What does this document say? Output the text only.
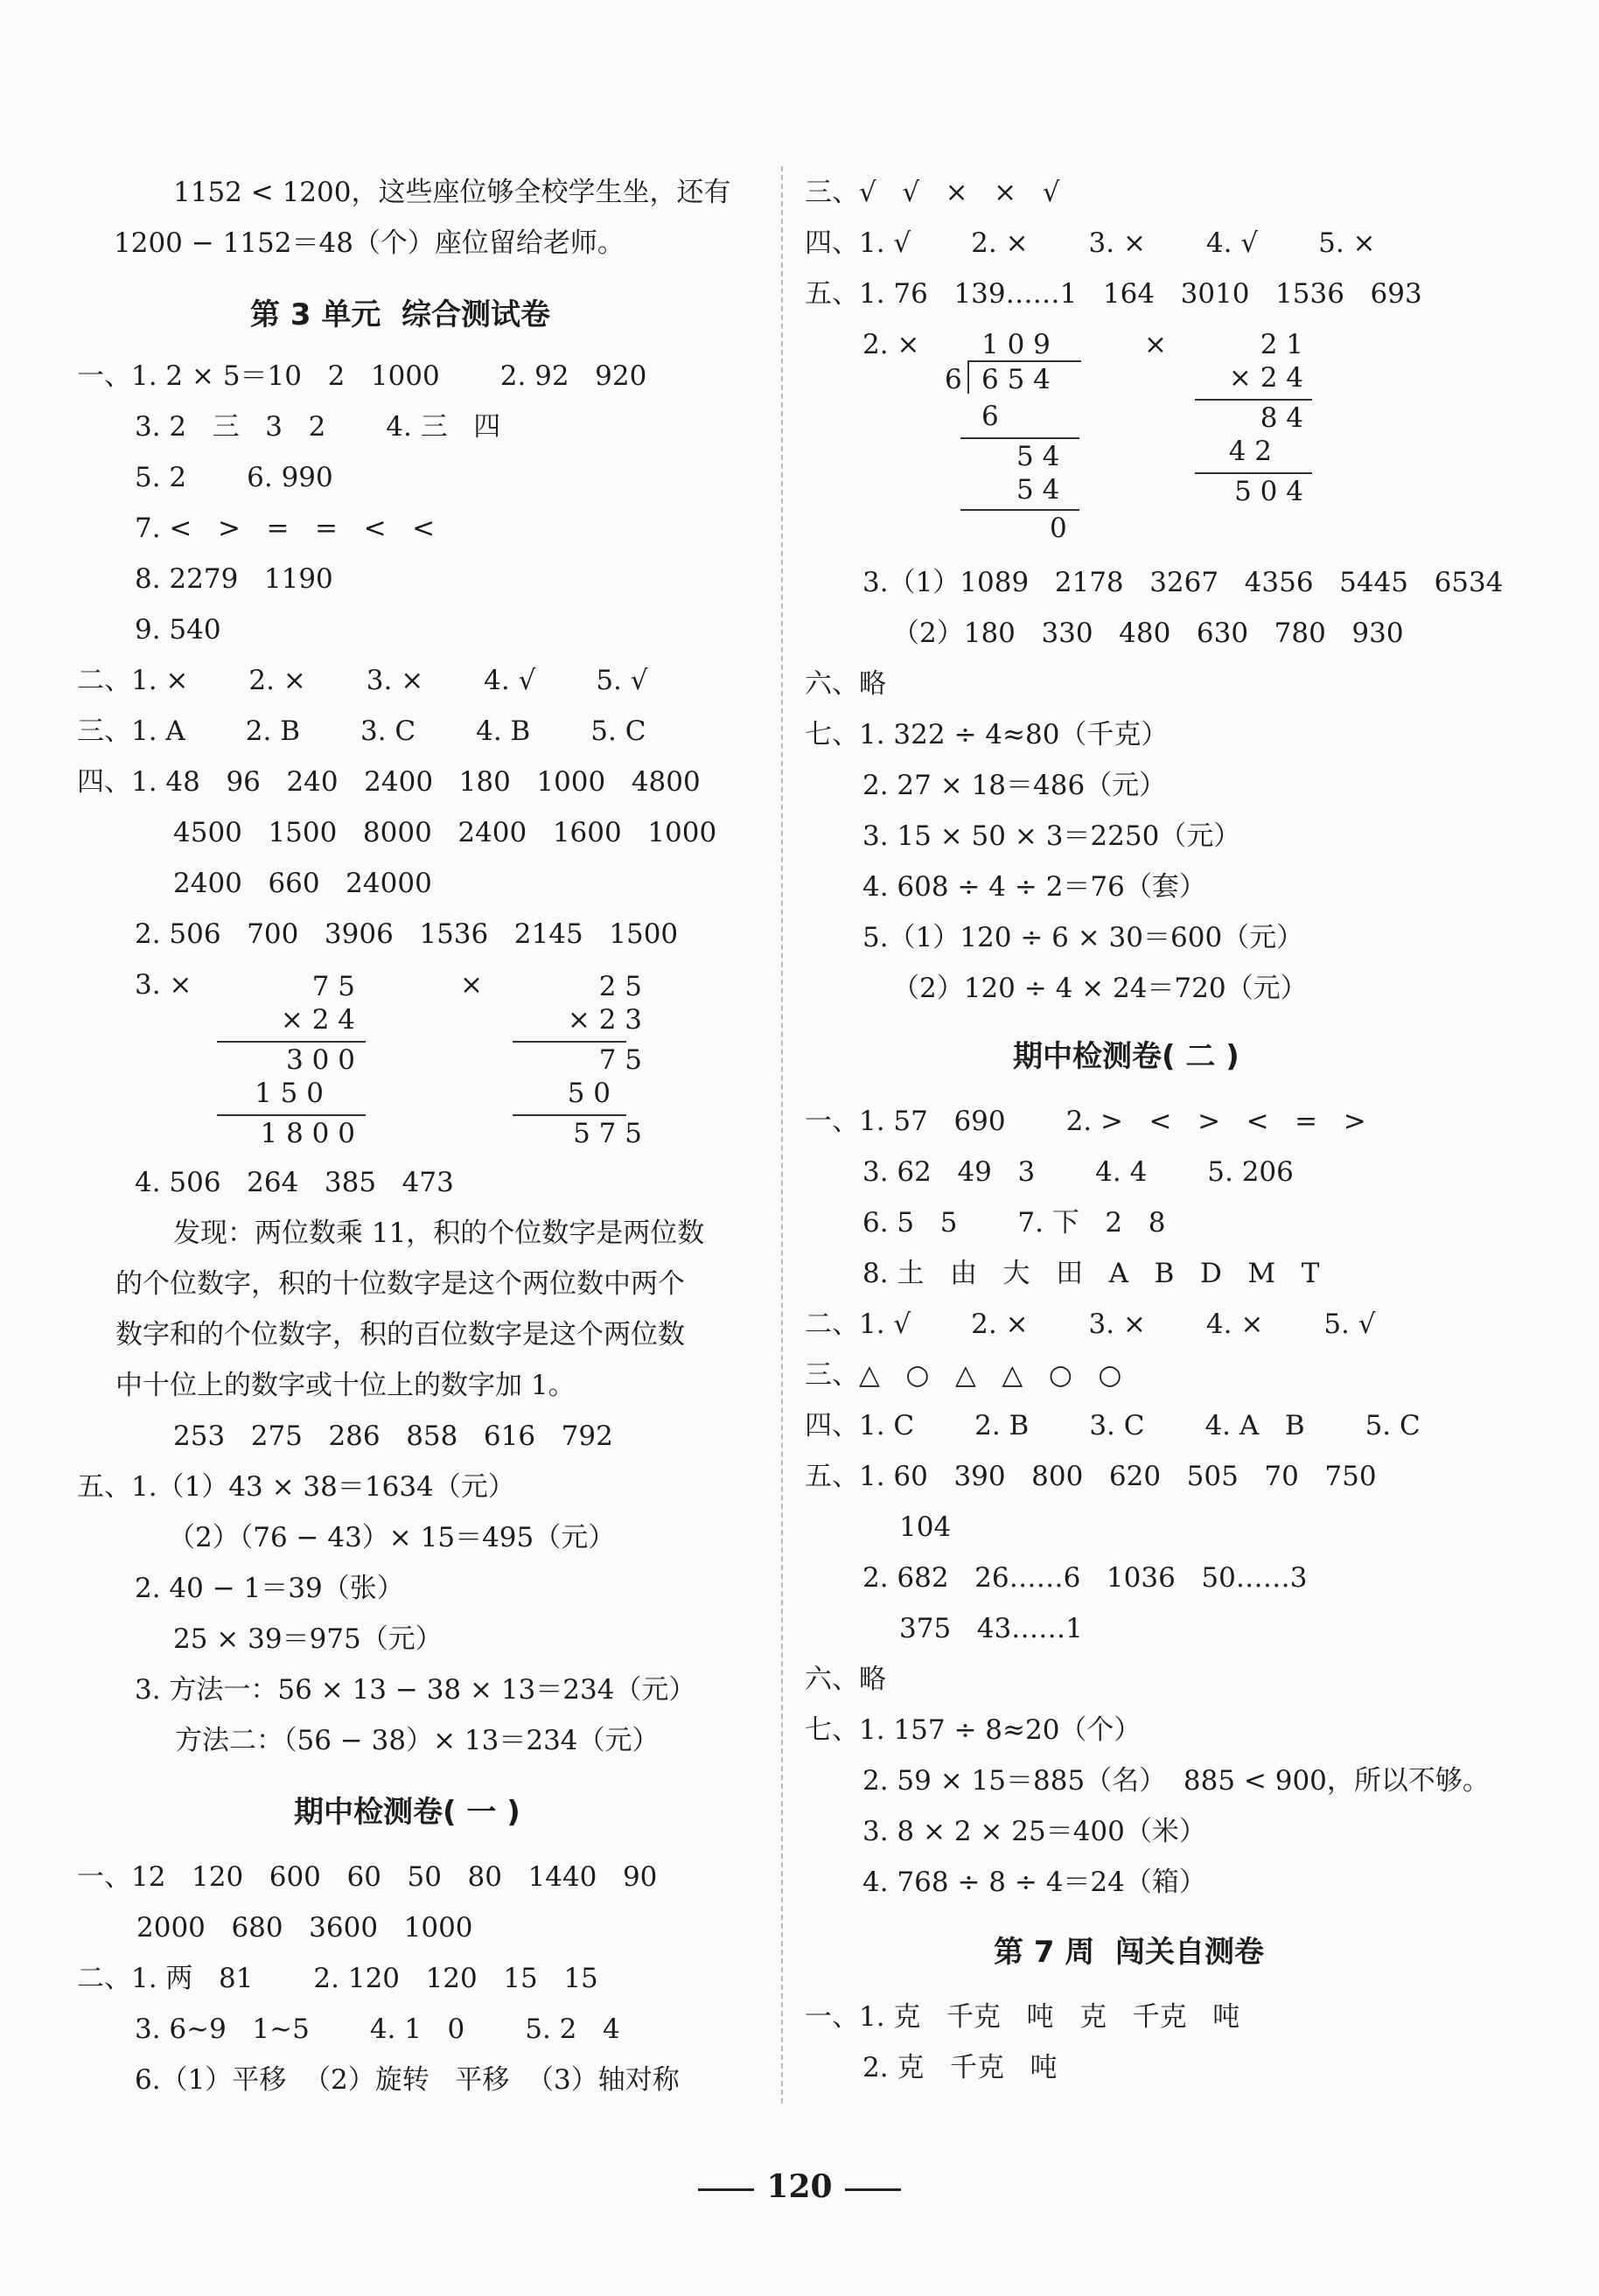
1152 < 1200，这些座位够全校学生坐，还有
1200 − 1152＝48（个）座位留给老师。
第 3 单元  综合测试卷
一、1. 2 × 5＝10   2   1000       2. 92   920
3. 2   三   3   2       4. 三   四
5. 2       6. 990
7. <   >   =   =   <   <
8. 2279   1190
9. 540
二、1. ×       2. ×       3. ×       4. √       5. √
三、1. A       2. B       3. C       4. B       5. C
四、1. 48   96   240   2400   180   1000   4800
4500   1500   8000   2400   1600   1000
2400   660   24000
2. 506   700   3906   1536   2145   1500
3. ×	×
7 5
× 2 4
3 0 0
1 5 0
1 8 0 0
2 5
× 2 3
7 5
5 0
5 7 5
4. 506   264   385   473
发现：两位数乘 11，积的个位数字是两位数
的个位数字，积的十位数字是这个两位数中两个
数字和的个位数字，积的百位数字是这个两位数
中十位上的数字或十位上的数字加 1。
253   275   286   858   616   792
五、1.（1）43 × 38＝1634（元）
（2）（76 − 43）× 15＝495（元）
2. 40 − 1＝39（张）
25 × 39＝975（元）
3. 方法一：56 × 13 − 38 × 13＝234（元）
方法二：（56 − 38）× 13＝234（元）
期中检测卷( 一 )
一、12   120   600   60   50   80   1440   90
2000   680   3600   1000
二、1. 两   81       2. 120   120   15   15
3. 6~9   1~5       4. 1   0       5. 2   4
6.（1）平移  （2）旋转   平移  （3）轴对称
三、√   √   ×   ×   √
四、1. √       2. ×       3. ×       4. √       5. ×
五、1. 76   139……1   164   3010   1536   693
2. ×	×
1 0 9
6 6 5 4
6
5 4
5 4
0
2 1
× 2 4
8 4
4 2
5 0 4
3.（1）1089   2178   3267   4356   5445   6534
（2）180   330   480   630   780   930
六、略
七、1. 322 ÷ 4≈80（千克）
2. 27 × 18＝486（元）
3. 15 × 50 × 3＝2250（元）
4. 608 ÷ 4 ÷ 2＝76（套）
5.（1）120 ÷ 6 × 30＝600（元）
（2）120 ÷ 4 × 24＝720（元）
期中检测卷( 二 )
一、1. 57   690       2. >   <   >   <   =   >
3. 62   49   3       4. 4       5. 206
6. 5   5       7. 下   2   8
8. 土   由   大   田   A   B   D   M   T
二、1. √       2. ×       3. ×       4. ×       5. √
三、△   ○   △   △   ○   ○
四、1. C       2. B       3. C       4. A   B       5. C
五、1. 60   390   800   620   505   70   750
104
2. 682   26……6   1036   50……3
375   43……1
六、略
七、1. 157 ÷ 8≈20（个）
2. 59 × 15＝885（名）  885 < 900，所以不够。
3. 8 × 2 × 25＝400（米）
4. 768 ÷ 8 ÷ 4＝24（箱）
第 7 周  闯关自测卷
一、1. 克   千克   吨   克   千克   吨
2. 克   千克   吨
120
